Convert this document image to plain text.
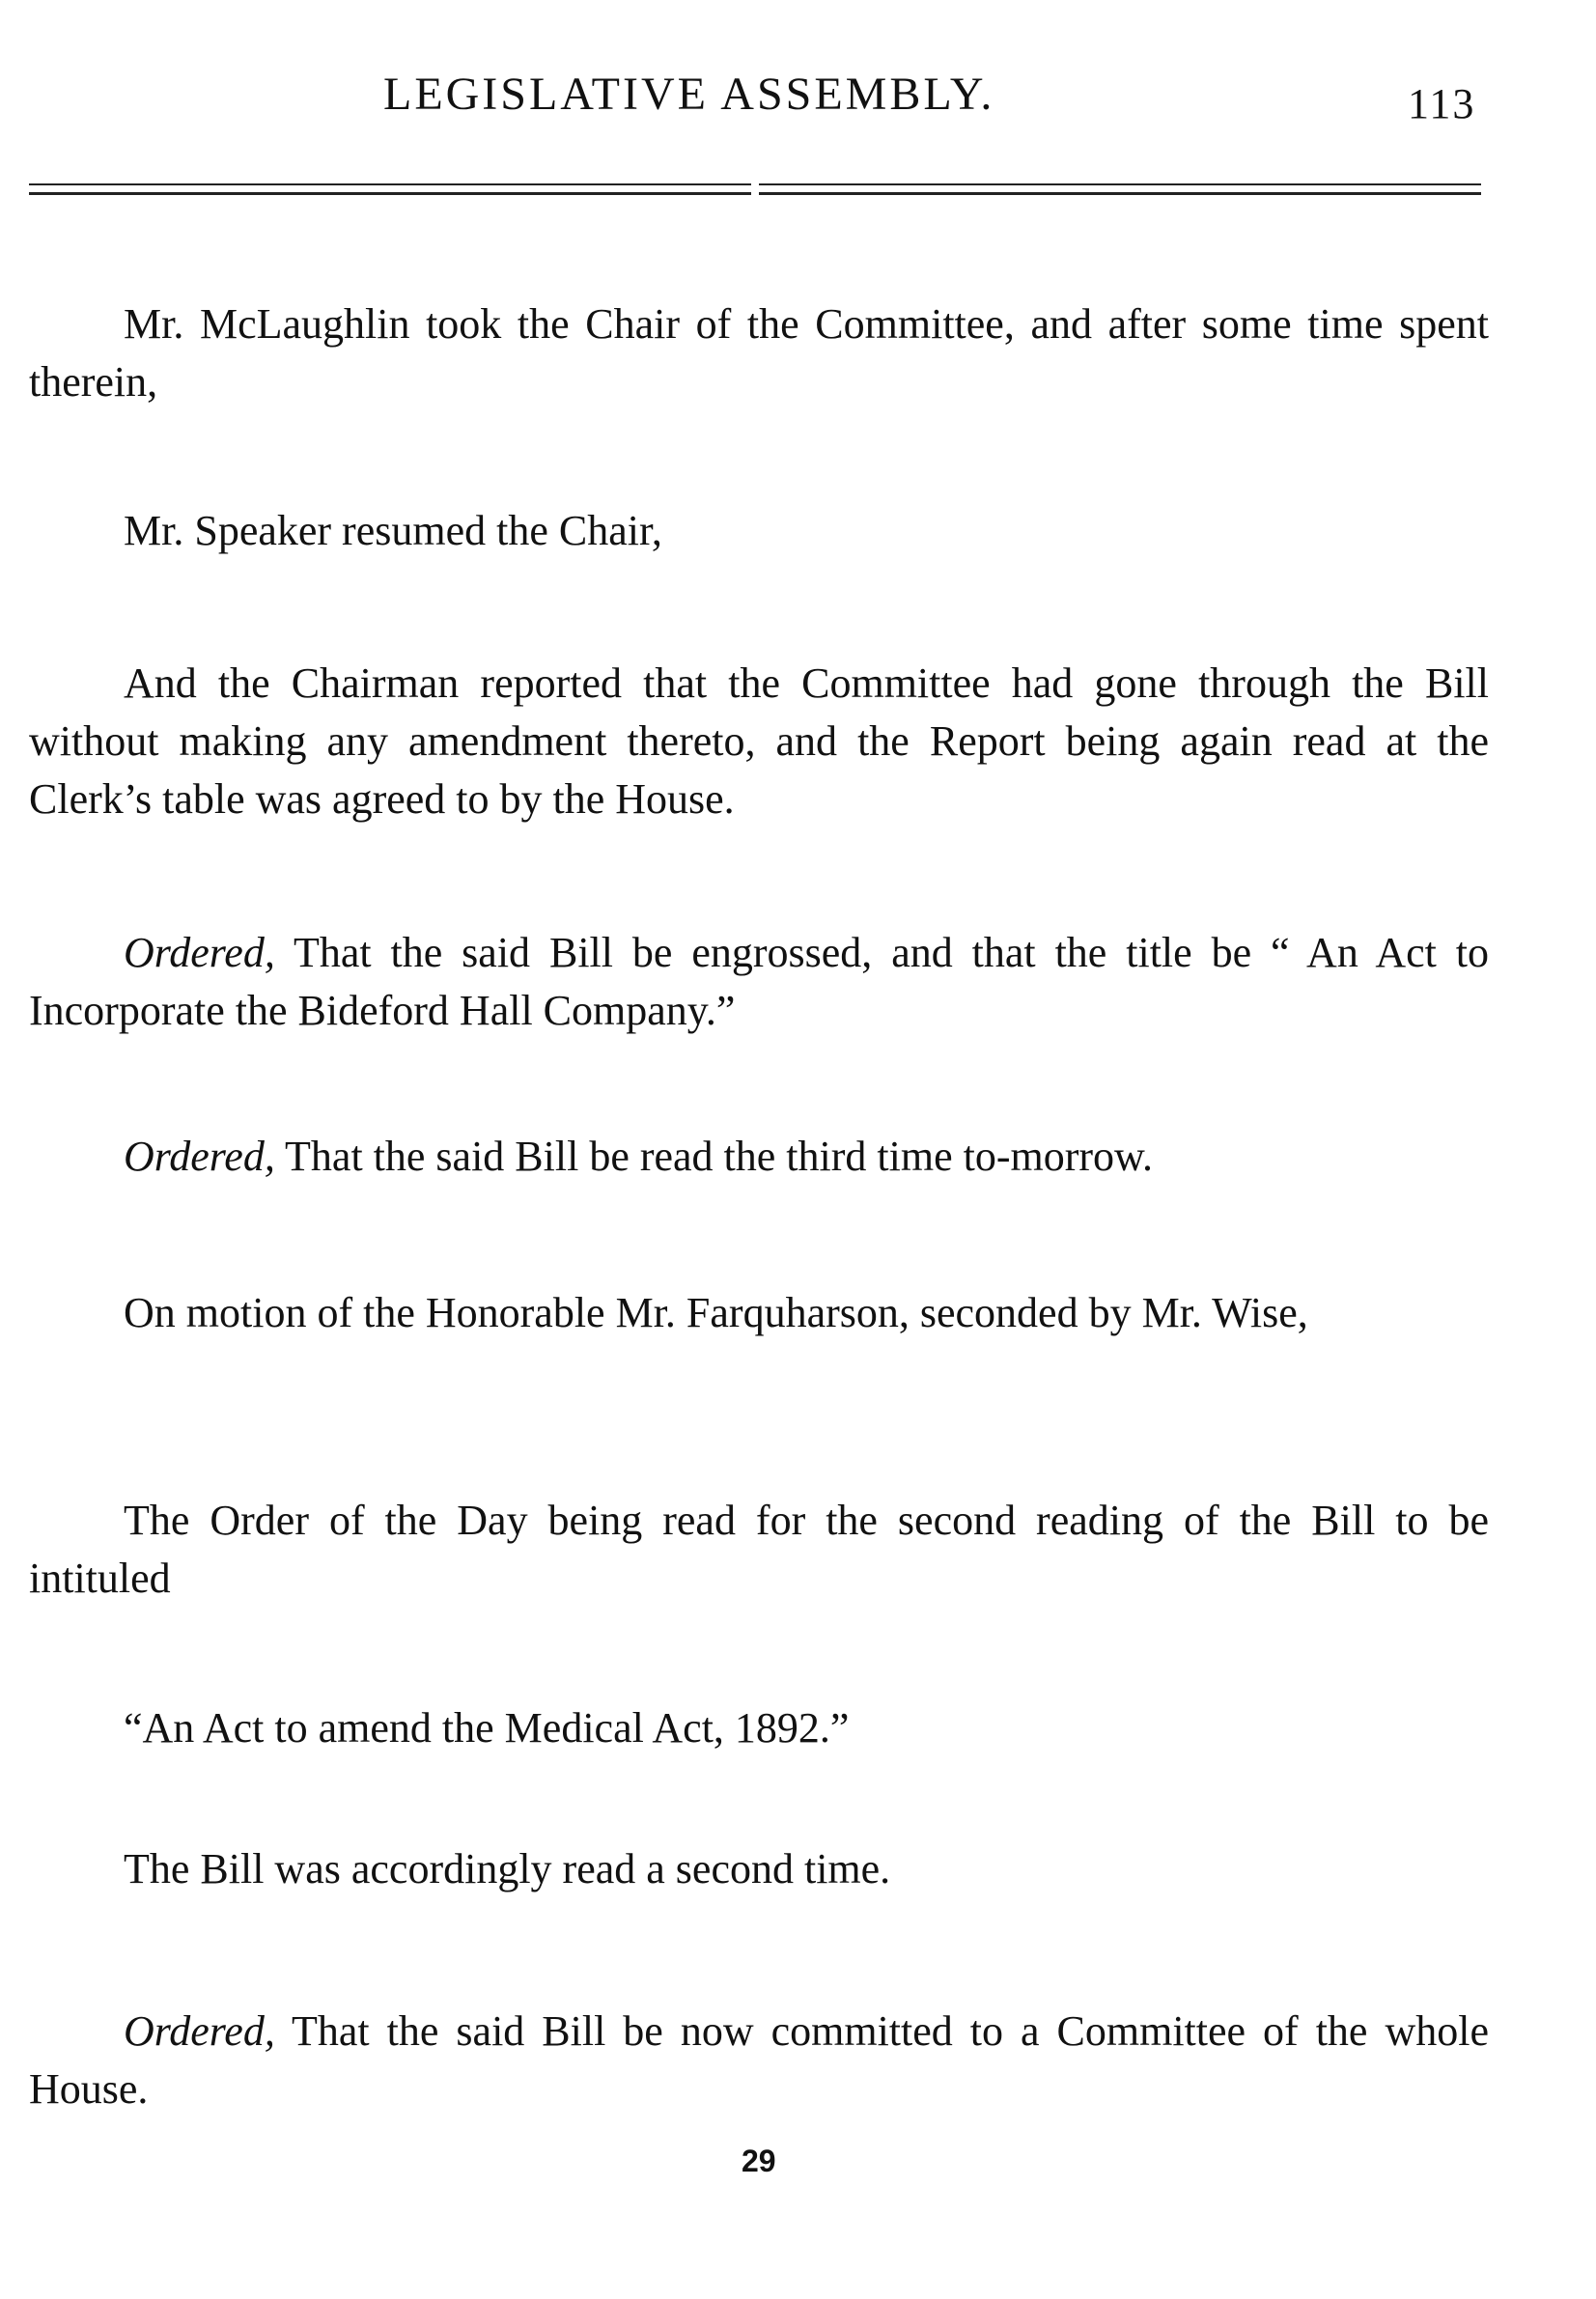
LEGISLATIVE ASSEMBLY.	113

Mr. McLaughlin took the Chair of the Committee, and after some time spent therein,

Mr. Speaker resumed the Chair,

And the Chairman reported that the Committee had gone through the Bill without making any amendment thereto, and the Report being again read at the Clerk’s table was agreed to by the House.

Ordered, That the said Bill be engrossed, and that the title be “ An Act to Incorporate the Bideford Hall Company.”

Ordered, That the said Bill be read the third time to-morrow.

On motion of the Honorable Mr. Farquharson, seconded by Mr. Wise,

The Order of the Day being read for the second reading of the Bill to be intituled

“An Act to amend the Medical Act, 1892.”

The Bill was accordingly read a second time.

Ordered, That the said Bill be now committed to a Committee of the whole House.

29
